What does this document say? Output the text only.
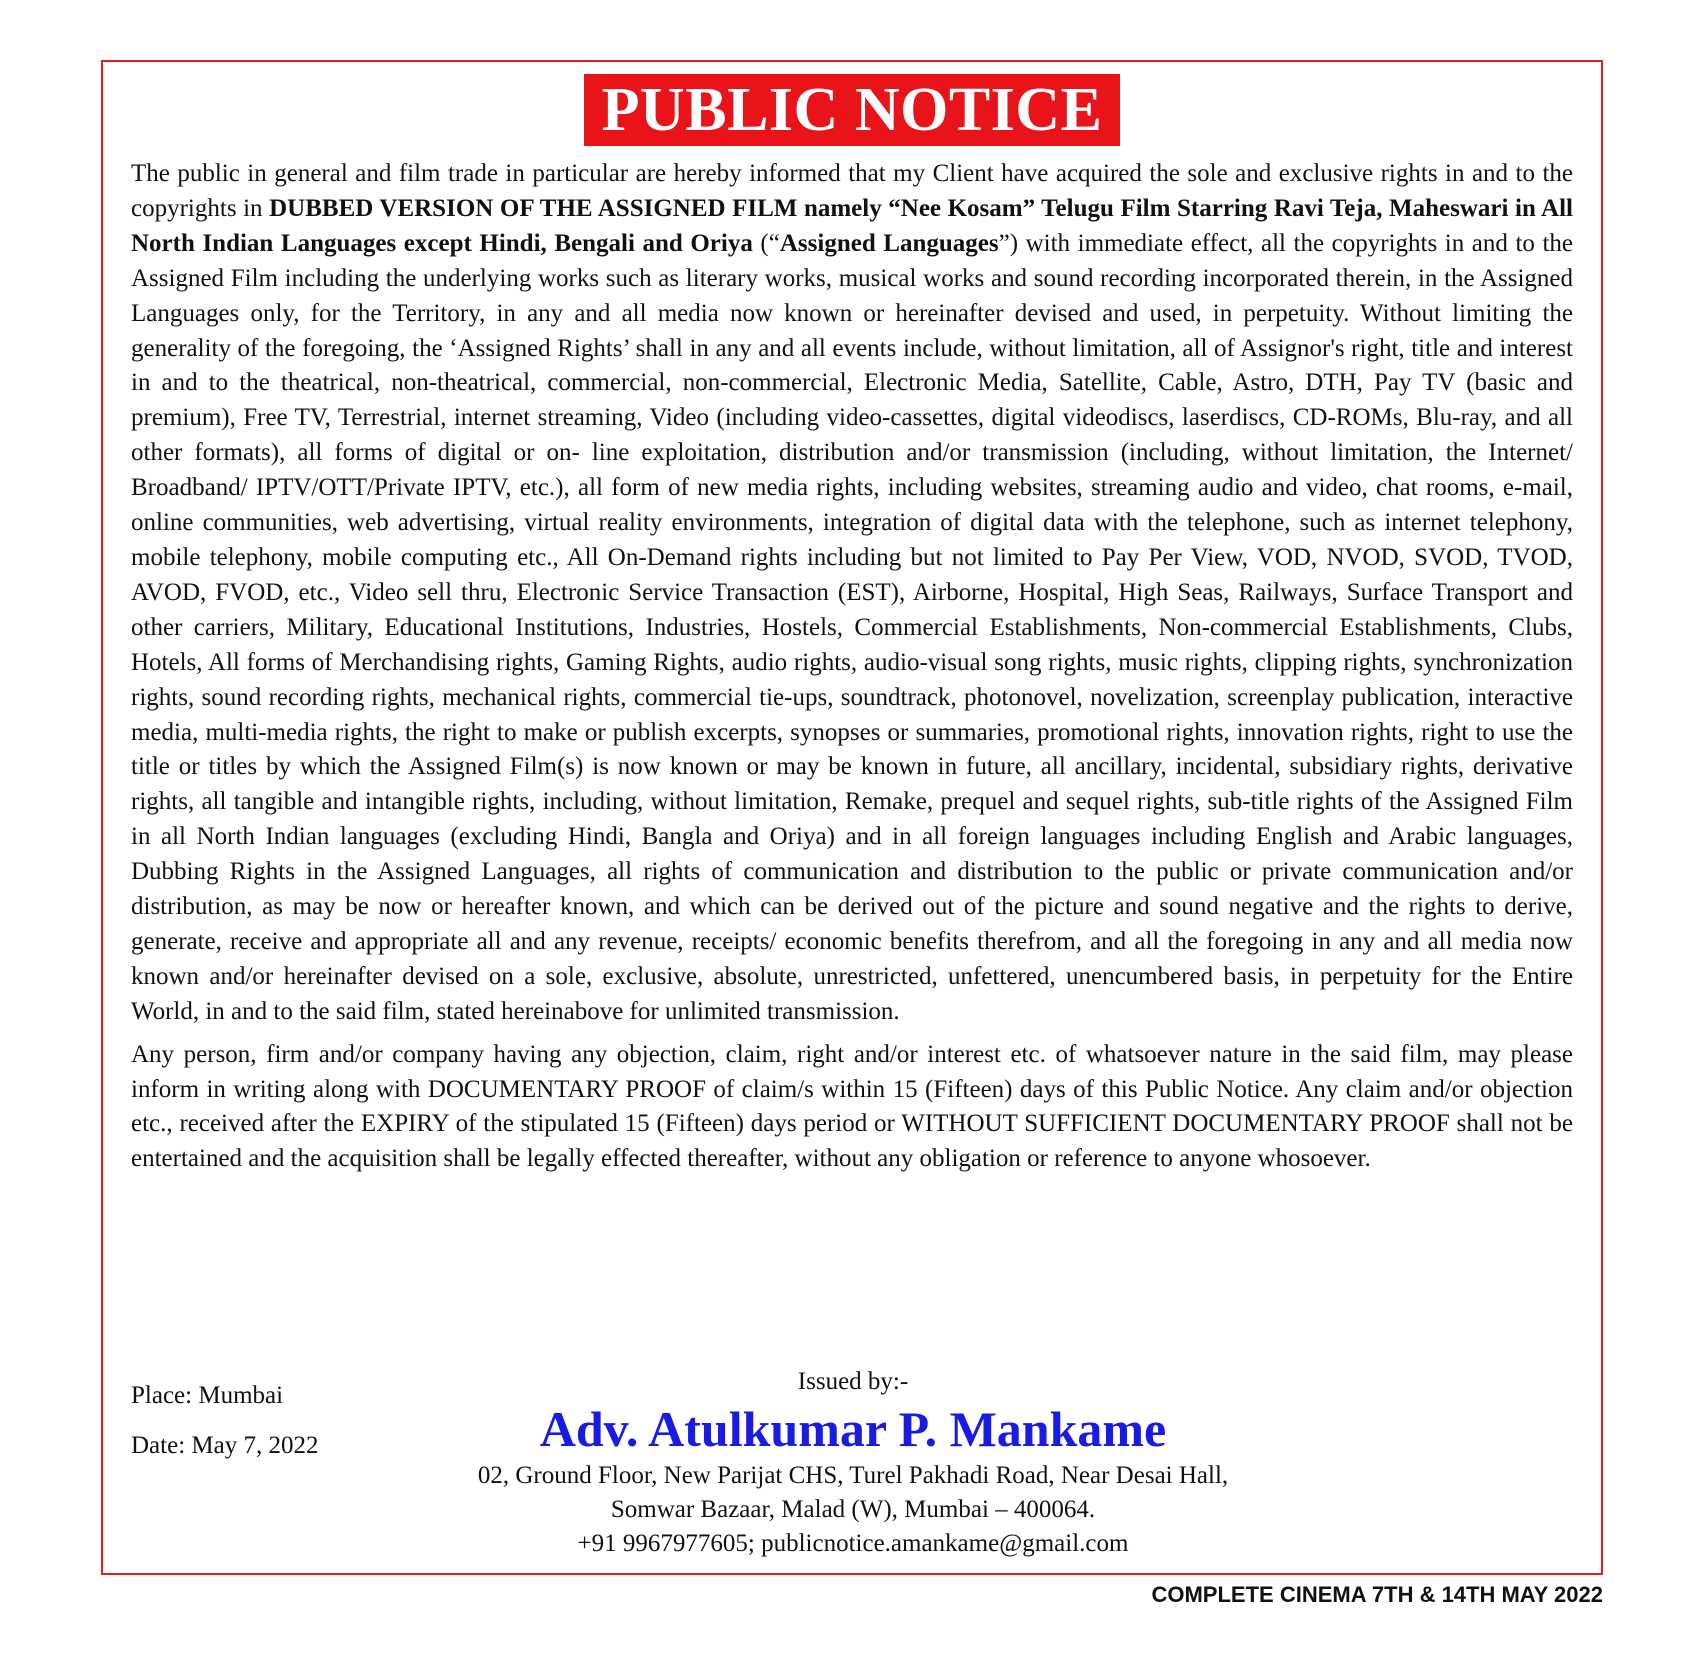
PUBLIC NOTICE

The public in general and film trade in particular are hereby informed that my Client have acquired the sole and exclusive rights in and to the copyrights in DUBBED VERSION OF THE ASSIGNED FILM namely “Nee Kosam” Telugu Film Starring Ravi Teja, Maheswari in All North Indian Languages except Hindi, Bengali and Oriya (“Assigned Languages”) with immediate effect, all the copyrights in and to the Assigned Film including the underlying works such as literary works, musical works and sound recording incorporated therein, in the Assigned Languages only, for the Territory, in any and all media now known or hereinafter devised and used, in perpetuity. Without limiting the generality of the foregoing, the ‘Assigned Rights’ shall in any and all events include, without limitation, all of Assignor's right, title and interest in and to the theatrical, non-theatrical, commercial, non-commercial, Electronic Media, Satellite, Cable, Astro, DTH, Pay TV (basic and premium), Free TV, Terrestrial, internet streaming, Video (including video-cassettes, digital videodiscs, laserdiscs, CD-ROMs, Blu-ray, and all other formats), all forms of digital or on- line exploitation, distribution and/or transmission (including, without limitation, the Internet/ Broadband/ IPTV/OTT/Private IPTV, etc.), all form of new media rights, including websites, streaming audio and video, chat rooms, e-mail, online communities, web advertising, virtual reality environments, integration of digital data with the telephone, such as internet telephony, mobile telephony, mobile computing etc., All On-Demand rights including but not limited to Pay Per View, VOD, NVOD, SVOD, TVOD, AVOD, FVOD, etc., Video sell thru, Electronic Service Transaction (EST), Airborne, Hospital, High Seas, Railways, Surface Transport and other carriers, Military, Educational Institutions, Industries, Hostels, Commercial Establishments, Non-commercial Establishments, Clubs, Hotels, All forms of Merchandising rights, Gaming Rights, audio rights, audio-visual song rights, music rights, clipping rights, synchronization rights, sound recording rights, mechanical rights, commercial tie-ups, soundtrack, photonovel, novelization, screenplay publication, interactive media, multi-media rights, the right to make or publish excerpts, synopses or summaries, promotional rights, innovation rights, right to use the title or titles by which the Assigned Film(s) is now known or may be known in future, all ancillary, incidental, subsidiary rights, derivative rights, all tangible and intangible rights, including, without limitation, Remake, prequel and sequel rights, sub-title rights of the Assigned Film in all North Indian languages (excluding Hindi, Bangla and Oriya) and in all foreign languages including English and Arabic languages, Dubbing Rights in the Assigned Languages, all rights of communication and distribution to the public or private communication and/or distribution, as may be now or hereafter known, and which can be derived out of the picture and sound negative and the rights to derive, generate, receive and appropriate all and any revenue, receipts/ economic benefits therefrom, and all the foregoing in any and all media now known and/or hereinafter devised on a sole, exclusive, absolute, unrestricted, unfettered, unencumbered basis, in perpetuity for the Entire World, in and to the said film, stated hereinabove for unlimited transmission.

Any person, firm and/or company having any objection, claim, right and/or interest etc. of whatsoever nature in the said film, may please inform in writing along with DOCUMENTARY PROOF of claim/s within 15 (Fifteen) days of this Public Notice. Any claim and/or objection etc., received after the EXPIRY of the stipulated 15 (Fifteen) days period or WITHOUT SUFFICIENT DOCUMENTARY PROOF shall not be entertained and the acquisition shall be legally effected thereafter, without any obligation or reference to anyone whosoever.

Place: Mumbai
Date: May 7, 2022
Issued by:-
Adv. Atulkumar P. Mankame
02, Ground Floor, New Parijat CHS, Turel Pakhadi Road, Near Desai Hall,
Somwar Bazaar, Malad (W), Mumbai – 400064.
+91 9967977605; publicnotice.amankame@gmail.com
COMPLETE CINEMA 7TH & 14TH MAY 2022
